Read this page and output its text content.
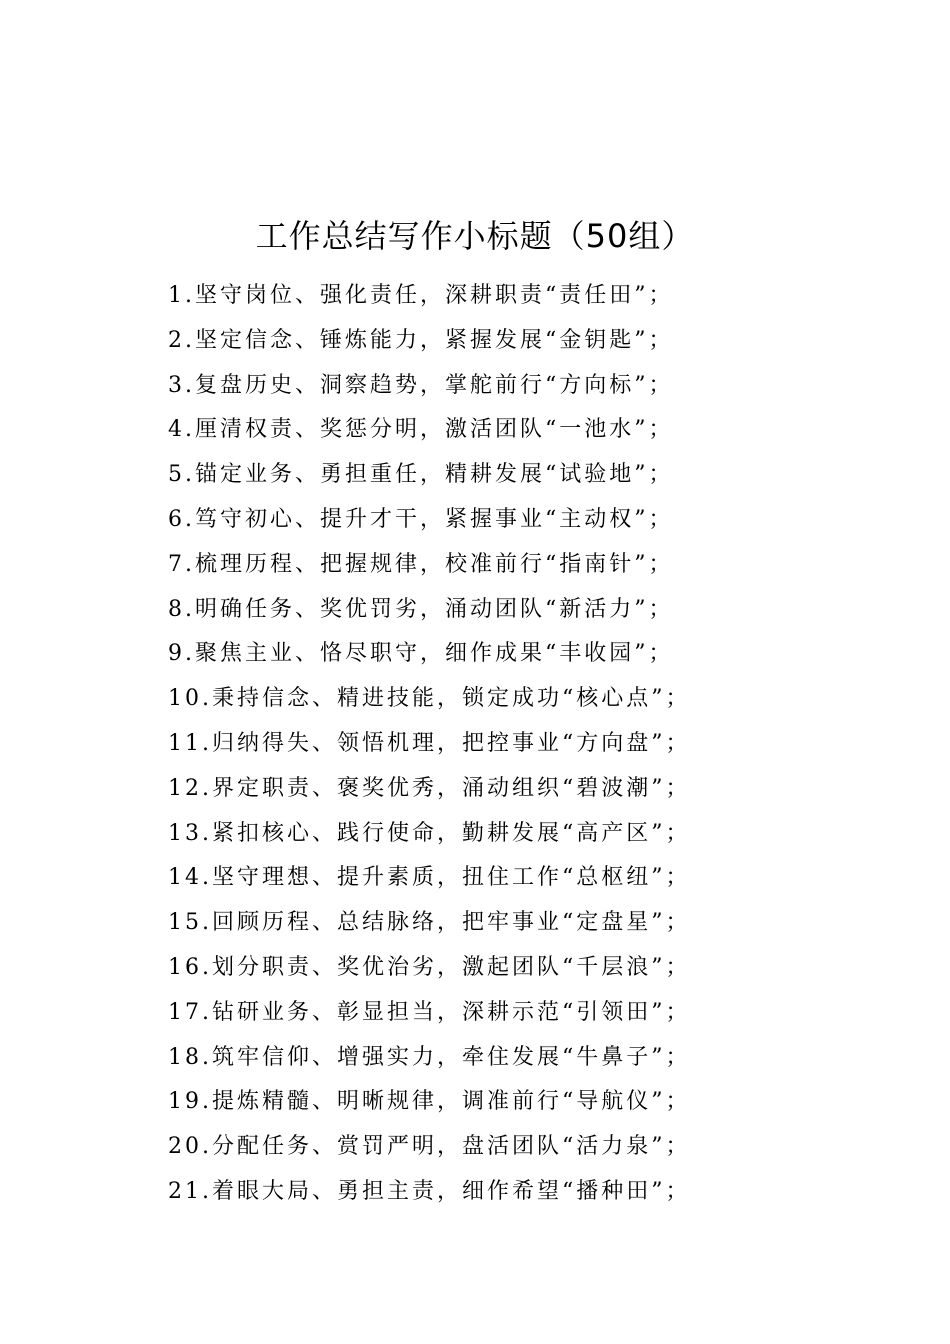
工作总结写作小标题（50组）
1.坚守岗位、强化责任，深耕职责“责任田”；
2.坚定信念、锤炼能力，紧握发展“金钥匙”；
3.复盘历史、洞察趋势，掌舵前行“方向标”；
4.厘清权责、奖惩分明，激活团队“一池水”；
5.锚定业务、勇担重任，精耕发展“试验地”；
6.笃守初心、提升才干，紧握事业“主动权”；
7.梳理历程、把握规律，校准前行“指南针”；
8.明确任务、奖优罚劣，涌动团队“新活力”；
9.聚焦主业、恪尽职守，细作成果“丰收园”；
10.秉持信念、精进技能，锁定成功“核心点”；
11.归纳得失、领悟机理，把控事业“方向盘”；
12.界定职责、褒奖优秀，涌动组织“碧波潮”；
13.紧扣核心、践行使命，勤耕发展“高产区”；
14.坚守理想、提升素质，扭住工作“总枢纽”；
15.回顾历程、总结脉络，把牢事业“定盘星”；
16.划分职责、奖优治劣，激起团队“千层浪”；
17.钻研业务、彰显担当，深耕示范“引领田”；
18.筑牢信仰、增强实力，牵住发展“牛鼻子”；
19.提炼精髓、明晰规律，调准前行“导航仪”；
20.分配任务、赏罚严明，盘活团队“活力泉”；
21.着眼大局、勇担主责，细作希望“播种田”；
